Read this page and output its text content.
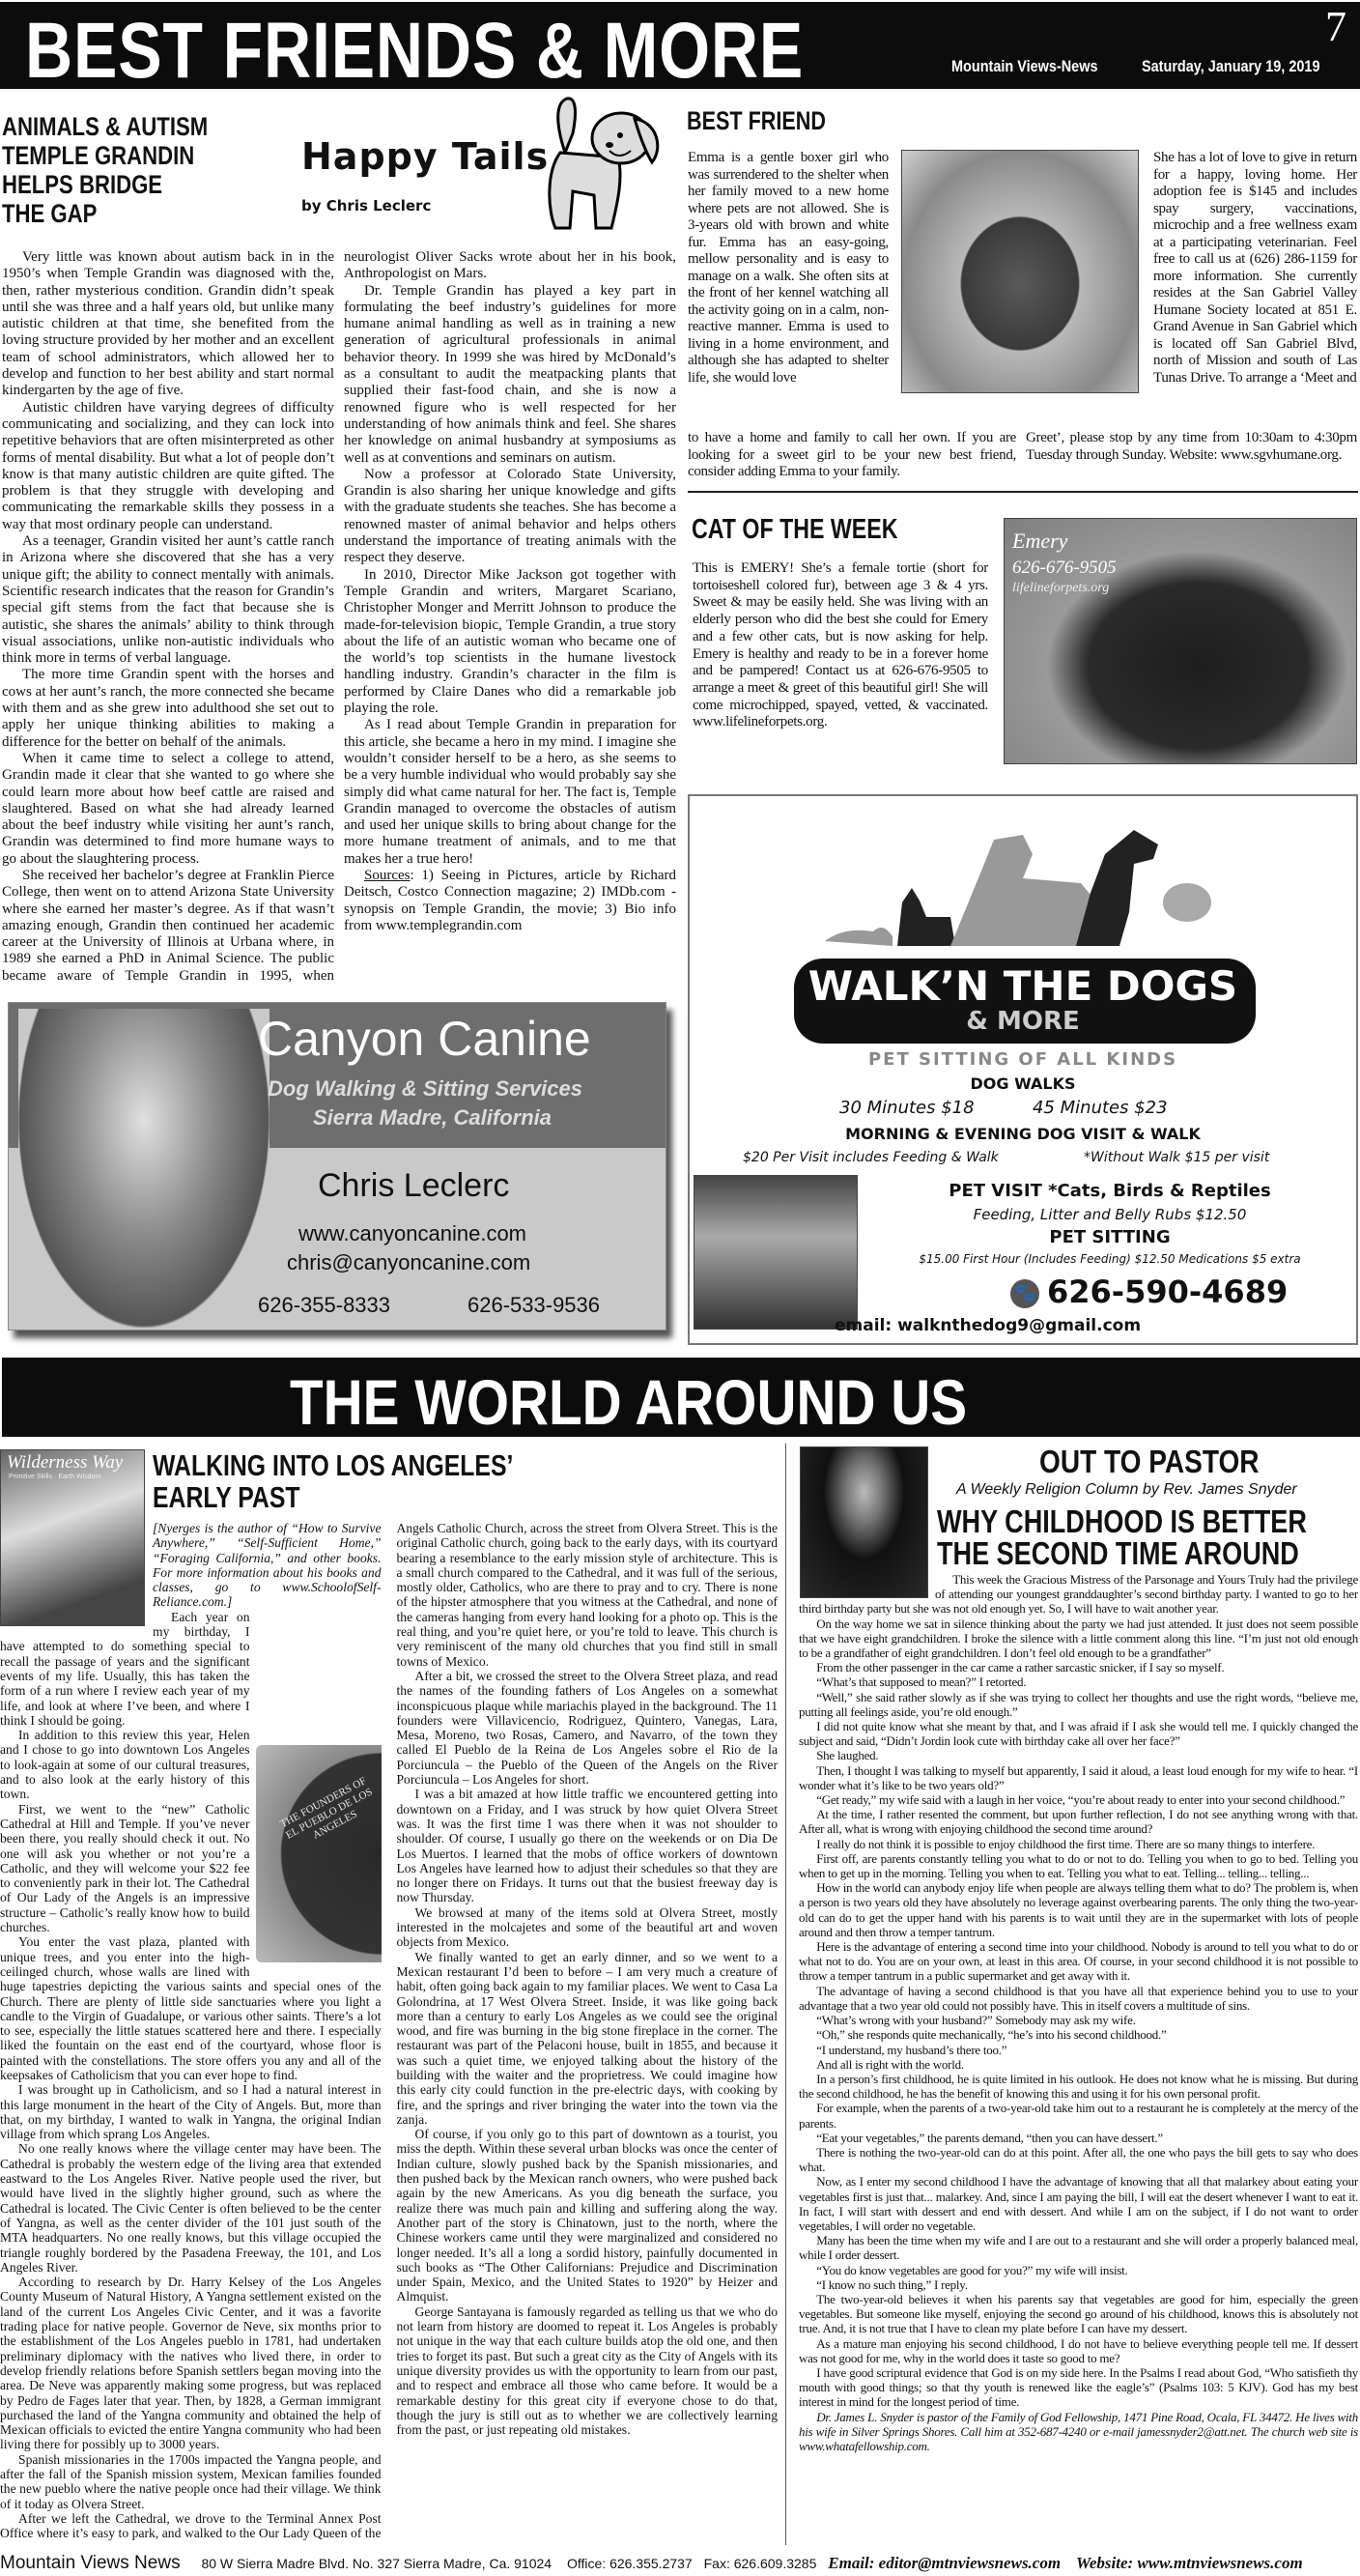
BEST FRIENDS & MORE	7
Mountain Views-News	Saturday, January 19, 2019
ANIMALS & AUTISM
TEMPLE GRANDIN
HELPS BRIDGE
THE GAP
Happy Tails
by Chris Leclerc

Very little was known about autism back in in the 1950’s when Temple Grandin was diagnosed with the, then, rather mysterious condition. Grandin didn’t speak until she was three and a half years old, but unlike many autistic children at that time, she benefited from the loving structure provided by her mother and an excellent team of school administrators, which allowed her to develop and function to her best ability and start normal kindergarten by the age of five.

Autistic children have varying degrees of difficulty communicating and socializing, and they can lock into repetitive behaviors that are often misinterpreted as other forms of mental disability. But what a lot of people don’t know is that many autistic children are quite gifted. The problem is that they struggle with developing and communicating the remarkable skills they possess in a way that most ordinary people can understand.

As a teenager, Grandin visited her aunt’s cattle ranch in Arizona where she discovered that she has a very unique gift; the ability to connect mentally with animals. Scientific research indicates that the reason for Grandin’s special gift stems from the fact that because she is autistic, she shares the animals’ ability to think through visual associations, unlike non-autistic individuals who think more in terms of verbal language.

The more time Grandin spent with the horses and cows at her aunt’s ranch, the more connected she became with them and as she grew into adulthood she set out to apply her unique thinking abilities to making a difference for the better on behalf of the animals.

When it came time to select a college to attend, Grandin made it clear that she wanted to go where she could learn more about how beef cattle are raised and slaughtered. Based on what she had already learned about the beef industry while visiting her aunt’s ranch, Grandin was determined to find more humane ways to go about the slaughtering process.

She received her bachelor’s degree at Franklin Pierce College, then went on to attend Arizona State University where she earned her master’s degree. As if that wasn’t amazing enough, Grandin then continued her academic career at the University of Illinois at Urbana where, in 1989 she earned a PhD in Animal Science. The public became aware of Temple Grandin in 1995, when neurologist Oliver Sacks wrote about her in his book, Anthropologist on Mars.

Dr. Temple Grandin has played a key part in formulating the beef industry’s guidelines for more humane animal handling as well as in training a new generation of agricultural professionals in animal behavior theory. In 1999 she was hired by McDonald’s as a consultant to audit the meatpacking plants that supplied their fast-food chain, and she is now a renowned figure who is well respected for her understanding of how animals think and feel. She shares her knowledge on animal husbandry at symposiums as well as at conventions and seminars on autism.

Now a professor at Colorado State University, Grandin is also sharing her unique knowledge and gifts with the graduate students she teaches. She has become a renowned master of animal behavior and helps others understand the importance of treating animals with the respect they deserve.

In 2010, Director Mike Jackson got together with Temple Grandin and writers, Margaret Scariano, Christopher Monger and Merritt Johnson to produce the made-for-television biopic, Temple Grandin, a true story about the life of an autistic woman who became one of the world’s top scientists in the humane livestock handling industry. Grandin’s character in the film is performed by Claire Danes who did a remarkable job playing the role.

As I read about Temple Grandin in preparation for this article, she became a hero in my mind. I imagine she wouldn’t consider herself to be a hero, as she seems to be a very humble individual who would probably say she simply did what came natural for her. The fact is, Temple Grandin managed to overcome the obstacles of autism and used her unique skills to bring about change for the more humane treatment of animals, and to me that makes her a true hero!

Sources: 1) Seeing in Pictures, article by Richard Deitsch, Costco Connection magazine; 2) IMDb.com - synopsis on Temple Grandin, the movie; 3) Bio info from www.templegrandin.com

BEST FRIEND

Emma is a gentle boxer girl who was surrendered to the shelter when her family moved to a new home where pets are not allowed. She is 3-years old with brown and white fur. Emma has an easy-going, mellow personality and is easy to manage on a walk. She often sits at the front of her kennel watching all the activity going on in a calm, non-reactive manner. Emma is used to living in a home environment, and although she has adapted to shelter life, she would love

She has a lot of love to give in return for a happy, loving home. Her adoption fee is $145 and includes spay surgery, vaccinations, microchip and a free wellness exam at a participating veterinarian. Feel free to call us at (626) 286-1159 for more information. She currently resides at the San Gabriel Valley Humane Society located at 851 E. Grand Avenue in San Gabriel which is located off San Gabriel Blvd, north of Mission and south of Las Tunas Drive. To arrange a ‘Meet and

to have a home and family to call her own. If you are looking for a sweet girl to be your new best friend, consider adding Emma to your family.

Greet’, please stop by any time from 10:30am to 4:30pm Tuesday through Sunday. Website: www.sgvhumane.org.

CAT OF THE WEEK

This is EMERY! She’s a female tortie (short for tortoiseshell colored fur), between age 3 & 4 yrs. Sweet & may be easily held. She was living with an elderly person who did the best she could for Emery and a few other cats, but is now asking for help. Emery is healthy and ready to be in a forever home and be pampered! Contact us at 626-676-9505 to arrange a meet & greet of this beautiful girl! She will come microchipped, spayed, vetted, & vaccinated. www.lifelineforpets.org.

Emery
626-676-9505
lifelineforpets.org
WALK’N THE DOGS
& MORE
PET SITTING OF ALL KINDS
DOG WALKS
30 Minutes $18	45 Minutes $23
MORNING & EVENING DOG VISIT & WALK
$20 Per Visit includes Feeding & Walk	*Without Walk $15 per visit
PET VISIT *Cats, Birds & Reptiles
Feeding, Litter and Belly Rubs $12.50
PET SITTING
$15.00 First Hour (Includes Feeding) $12.50 Medications $5 extra
🐾 626-590-4689
email: walknthedog9@gmail.com
Canyon Canine
Dog Walking & Sitting Services
Sierra Madre, California
Chris Leclerc
www.canyoncanine.com
chris@canyoncanine.com
626-355-8333	626-533-9536
THE WORLD AROUND US
Wilderness Way
Primitive Skills · Earth Wisdom WALKING INTO LOS ANGELES’
EARLY PAST

[Nyerges is the author of “How to Survive Anywhere,” “Self-Sufficient Home,” “Foraging California,” and other books. For more information about his books and classes, go to www.SchoolofSelf-Reliance.com.]

THE FOUNDERS OF EL PUEBLO DE LOS ANGELES

Each year on my birthday, I have attempted to do something special to recall the passage of years and the significant events of my life. Usually, this has taken the form of a run where I review each year of my life, and look at where I’ve been, and where I think I should be going.

In addition to this review this year, Helen and I chose to go into downtown Los Angeles to look-again at some of our cultural treasures, and to also look at the early history of this town.

First, we went to the “new” Catholic Cathedral at Hill and Temple. If you’ve never been there, you really should check it out. No one will ask you whether or not you’re a Catholic, and they will welcome your $22 fee to conveniently park in their lot. The Cathedral of Our Lady of the Angels is an impressive structure – Catholic’s really know how to build churches.

You enter the vast plaza, planted with unique trees, and you enter into the high-ceilinged church, whose walls are lined with huge tapestries depicting the various saints and special ones of the Church. There are plenty of little side sanctuaries where you light a candle to the Virgin of Guadalupe, or various other saints. There’s a lot to see, especially the little statues scattered here and there. I especially liked the fountain on the east end of the courtyard, whose floor is painted with the constellations. The store offers you any and all of the keepsakes of Catholicism that you can ever hope to find.

I was brought up in Catholicism, and so I had a natural interest in this large monument in the heart of the City of Angels. But, more than that, on my birthday, I wanted to walk in Yangna, the original Indian village from which sprang Los Angeles.

No one really knows where the village center may have been. The Cathedral is probably the western edge of the living area that extended eastward to the Los Angeles River. Native people used the river, but would have lived in the slightly higher ground, such as where the Cathedral is located. The Civic Center is often believed to be the center of Yangna, as well as the center divider of the 101 just south of the MTA headquarters. No one really knows, but this village occupied the triangle roughly bordered by the Pasadena Freeway, the 101, and Los Angeles River.

According to research by Dr. Harry Kelsey of the Los Angeles County Museum of Natural History, A Yangna settlement existed on the land of the current Los Angeles Civic Center, and it was a favorite trading place for native people. Governor de Neve, six months prior to the establishment of the Los Angeles pueblo in 1781, had undertaken preliminary diplomacy with the natives who lived there, in order to develop friendly relations before Spanish settlers began moving into the area. De Neve was apparently making some progress, but was replaced by Pedro de Fages later that year. Then, by 1828, a German immigrant purchased the land of the Yangna community and obtained the help of Mexican officials to evicted the entire Yangna community who had been living there for possibly up to 3000 years.

Spanish missionaries in the 1700s impacted the Yangna people, and after the fall of the Spanish mission system, Mexican families founded the new pueblo where the native people once had their village. We think of it today as Olvera Street.

After we left the Cathedral, we drove to the Terminal Annex Post Office where it’s easy to park, and walked to the Our Lady Queen of the Angels Catholic Church, across the street from Olvera Street. This is the original Catholic church, going back to the early days, with its courtyard bearing a resemblance to the early mission style of architecture. This is a small church compared to the Cathedral, and it was full of the serious, mostly older, Catholics, who are there to pray and to cry. There is none of the hipster atmosphere that you witness at the Cathedral, and none of the cameras hanging from every hand looking for a photo op. This is the real thing, and you’re quiet here, or you’re told to leave. This church is very reminiscent of the many old churches that you find still in small towns of Mexico.

After a bit, we crossed the street to the Olvera Street plaza, and read the names of the founding fathers of Los Angeles on a somewhat inconspicuous plaque while mariachis played in the background. The 11 founders were Villavicencio, Rodriguez, Quintero, Vanegas, Lara, Mesa, Moreno, two Rosas, Camero, and Navarro, of the town they called El Pueblo de la Reina de Los Angeles sobre el Rio de la Porciuncula – the Pueblo of the Queen of the Angels on the River Porciuncula – Los Angeles for short.

I was a bit amazed at how little traffic we encountered getting into downtown on a Friday, and I was struck by how quiet Olvera Street was. It was the first time I was there when it was not shoulder to shoulder. Of course, I usually go there on the weekends or on Dia De Los Muertos. I learned that the mobs of office workers of downtown Los Angeles have learned how to adjust their schedules so that they are no longer there on Fridays. It turns out that the busiest freeway day is now Thursday.

We browsed at many of the items sold at Olvera Street, mostly interested in the molcajetes and some of the beautiful art and woven objects from Mexico.

We finally wanted to get an early dinner, and so we went to a Mexican restaurant I’d been to before – I am very much a creature of habit, often going back again to my familiar places. We went to Casa La Golondrina, at 17 West Olvera Street. Inside, it was like going back more than a century to early Los Angeles as we could see the original wood, and fire was burning in the big stone fireplace in the corner. The restaurant was part of the Pelaconi house, built in 1855, and because it was such a quiet time, we enjoyed talking about the history of the building with the waiter and the proprietress. We could imagine how this early city could function in the pre-electric days, with cooking by fire, and the springs and river bringing the water into the town via the zanja.

Of course, if you only go to this part of downtown as a tourist, you miss the depth. Within these several urban blocks was once the center of Indian culture, slowly pushed back by the Spanish missionaries, and then pushed back by the Mexican ranch owners, who were pushed back again by the new Americans. As you dig beneath the surface, you realize there was much pain and killing and suffering along the way. Another part of the story is Chinatown, just to the north, where the Chinese workers came until they were marginalized and considered no longer needed. It’s all a long a sordid history, painfully documented in such books as “The Other Californians: Prejudice and Discrimination under Spain, Mexico, and the United States to 1920” by Heizer and Almquist.

George Santayana is famously regarded as telling us that we who do not learn from history are doomed to repeat it. Los Angeles is probably not unique in the way that each culture builds atop the old one, and then tries to forget its past. But such a great city as the City of Angels with its unique diversity provides us with the opportunity to learn from our past, and to respect and embrace all those who came before. It would be a remarkable destiny for this great city if everyone chose to do that, though the jury is still out as to whether we are collectively learning from the past, or just repeating old mistakes.

OUT TO PASTOR
A Weekly Religion Column by Rev. James Snyder
WHY CHILDHOOD IS BETTER
THE SECOND TIME AROUND

This week the Gracious Mistress of the Parsonage and Yours Truly had the privilege of attending our youngest granddaughter’s second birthday party. I wanted to go to her third birthday party but she was not old enough yet. So, I will have to wait another year.

On the way home we sat in silence thinking about the party we had just attended. It just does not seem possible that we have eight grandchildren. I broke the silence with a little comment along this line. “I’m just not old enough to be a grandfather of eight grandchildren. I don’t feel old enough to be a grandfather”

From the other passenger in the car came a rather sarcastic snicker, if I say so myself.

“What’s that supposed to mean?” I retorted.

“Well,” she said rather slowly as if she was trying to collect her thoughts and use the right words, “believe me, putting all feelings aside, you’re old enough.”

I did not quite know what she meant by that, and I was afraid if I ask she would tell me. I quickly changed the subject and said, “Didn’t Jordin look cute with birthday cake all over her face?”

She laughed.

Then, I thought I was talking to myself but apparently, I said it aloud, a least loud enough for my wife to hear. “I wonder what it’s like to be two years old?”

“Get ready,” my wife said with a laugh in her voice, “you’re about ready to enter into your second childhood.”

At the time, I rather resented the comment, but upon further reflection, I do not see anything wrong with that. After all, what is wrong with enjoying childhood the second time around?

I really do not think it is possible to enjoy childhood the first time. There are so many things to interfere.

First off, are parents constantly telling you what to do or not to do. Telling you when to go to bed. Telling you when to get up in the morning. Telling you when to eat. Telling you what to eat. Telling... telling... telling...

How in the world can anybody enjoy life when people are always telling them what to do? The problem is, when a person is two years old they have absolutely no leverage against overbearing parents. The only thing the two-year-old can do to get the upper hand with his parents is to wait until they are in the supermarket with lots of people around and then throw a temper tantrum.

Here is the advantage of entering a second time into your childhood. Nobody is around to tell you what to do or what not to do. You are on your own, at least in this area. Of course, in your second childhood it is not possible to throw a temper tantrum in a public supermarket and get away with it.

The advantage of having a second childhood is that you have all that experience behind you to use to your advantage that a two year old could not possibly have. This in itself covers a multitude of sins.

“What’s wrong with your husband?” Somebody may ask my wife.

“Oh,” she responds quite mechanically, “he’s into his second childhood.”

“I understand, my husband’s there too.”

And all is right with the world.

In a person’s first childhood, he is quite limited in his outlook. He does not know what he is missing. But during the second childhood, he has the benefit of knowing this and using it for his own personal profit.

For example, when the parents of a two-year-old take him out to a restaurant he is completely at the mercy of the parents.

“Eat your vegetables,” the parents demand, “then you can have dessert.”

There is nothing the two-year-old can do at this point. After all, the one who pays the bill gets to say who does what.

Now, as I enter my second childhood I have the advantage of knowing that all that malarkey about eating your vegetables first is just that... malarkey. And, since I am paying the bill, I will eat the desert whenever I want to eat it. In fact, I will start with dessert and end with dessert. And while I am on the subject, if I do not want to order vegetables, I will order no vegetable.

Many has been the time when my wife and I are out to a restaurant and she will order a properly balanced meal, while I order dessert.

“You do know vegetables are good for you?” my wife will insist.

“I know no such thing,” I reply.

The two-year-old believes it when his parents say that vegetables are good for him, especially the green vegetables. But someone like myself, enjoying the second go around of his childhood, knows this is absolutely not true. And, it is not true that I have to clean my plate before I can have my dessert.

As a mature man enjoying his second childhood, I do not have to believe everything people tell me. If dessert was not good for me, why in the world does it taste so good to me?

I have good scriptural evidence that God is on my side here. In the Psalms I read about God, “Who satisfieth thy mouth with good things; so that thy youth is renewed like the eagle’s” (Psalms 103: 5 KJV). God has my best interest in mind for the longest period of time.

Dr. James L. Snyder is pastor of the Family of God Fellowship, 1471 Pine Road, Ocala, FL 34472. He lives with his wife in Silver Springs Shores. Call him at 352-687-4240 or e-mail jamessnyder2@att.net. The church web site is www.whatafellowship.com.

Mountain Views News 80 W Sierra Madre Blvd. No. 327 Sierra Madre, Ca. 91024 Office: 626.355.2737 Fax: 626.609.3285 Email: editor@mtnviewsnews.com Website: www.mtnviewsnews.com
